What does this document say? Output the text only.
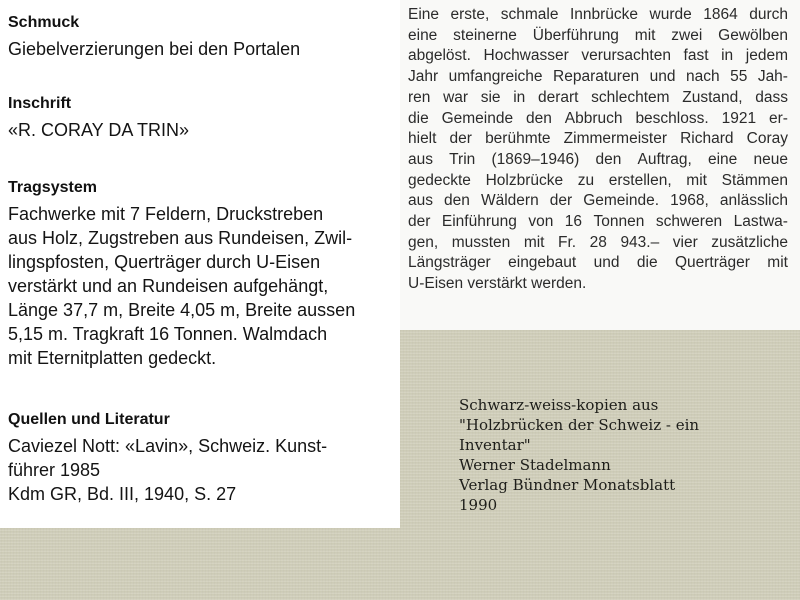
Schmuck
Giebelverzierungen bei den Portalen
Inschrift
«R. CORAY DA TRIN»
Tragsystem
Fachwerke mit 7 Feldern, Druckstreben
aus Holz, Zugstreben aus Rundeisen, Zwil-
lingspfosten, Querträger durch U-Eisen
verstärkt und an Rundeisen aufgehängt,
Länge 37,7 m, Breite 4,05 m, Breite aussen
5,15 m. Tragkraft 16 Tonnen. Walmdach
mit Eternitplatten gedeckt.
Quellen und Literatur
Caviezel Nott: «Lavin», Schweiz. Kunst-
führer 1985
Kdm GR, Bd. III, 1940, S. 27
Eine erste, schmale Innbrücke wurde 1864 durch
eine steinerne Überführung mit zwei Gewölben
abgelöst. Hochwasser verursachten fast in jedem
Jahr umfangreiche Reparaturen und nach 55 Jah-
ren war sie in derart schlechtem Zustand, dass
die Gemeinde den Abbruch beschloss. 1921 er-
hielt der berühmte Zimmermeister Richard Coray
aus Trin (1869–1946) den Auftrag, eine neue
gedeckte Holzbrücke zu erstellen, mit Stämmen
aus den Wäldern der Gemeinde. 1968, anlässlich
der Einführung von 16 Tonnen schweren Lastwa-
gen, mussten mit Fr. 28 943.– vier zusätzliche
Längsträger eingebaut und die Querträger mit
U-Eisen verstärkt werden.
Schwarz-weiss-kopien aus
"Holzbrücken der Schweiz - ein
Inventar"
Werner Stadelmann
Verlag Bündner Monatsblatt
1990
